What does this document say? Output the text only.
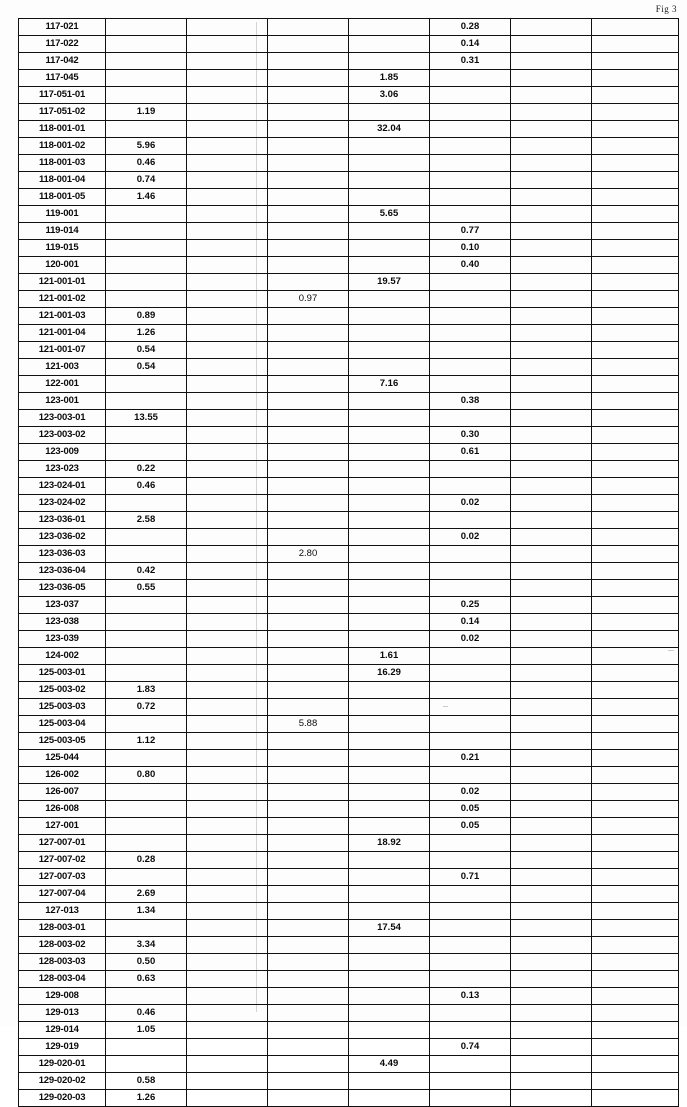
Fig 3
117-021					0.28		
117-022					0.14		
117-042					0.31		
117-045				1.85			
117-051-01				3.06			
117-051-02	1.19						
118-001-01				32.04			
118-001-02	5.96						
118-001-03	0.46						
118-001-04	0.74						
118-001-05	1.46						
119-001				5.65			
119-014					0.77		
119-015					0.10		
120-001					0.40		
121-001-01				19.57			
121-001-02			0.97				
121-001-03	0.89						
121-001-04	1.26						
121-001-07	0.54						
121-003	0.54						
122-001				7.16			
123-001					0.38		
123-003-01	13.55						
123-003-02					0.30		
123-009					0.61		
123-023	0.22						
123-024-01	0.46						
123-024-02					0.02		
123-036-01	2.58						
123-036-02					0.02		
123-036-03			2.80				
123-036-04	0.42						
123-036-05	0.55						
123-037					0.25		
123-038					0.14		
123-039					0.02		
124-002				1.61			
125-003-01				16.29			
125-003-02	1.83						
125-003-03	0.72						
125-003-04			5.88				
125-003-05	1.12						
125-044					0.21		
126-002	0.80						
126-007					0.02		
126-008					0.05		
127-001					0.05		
127-007-01				18.92			
127-007-02	0.28						
127-007-03					0.71		
127-007-04	2.69						
127-013	1.34						
128-003-01				17.54			
128-003-02	3.34						
128-003-03	0.50						
128-003-04	0.63						
129-008					0.13		
129-013	0.46						
129-014	1.05						
129-019					0.74		
129-020-01				4.49			
129-020-02	0.58						
129-020-03	1.26						
